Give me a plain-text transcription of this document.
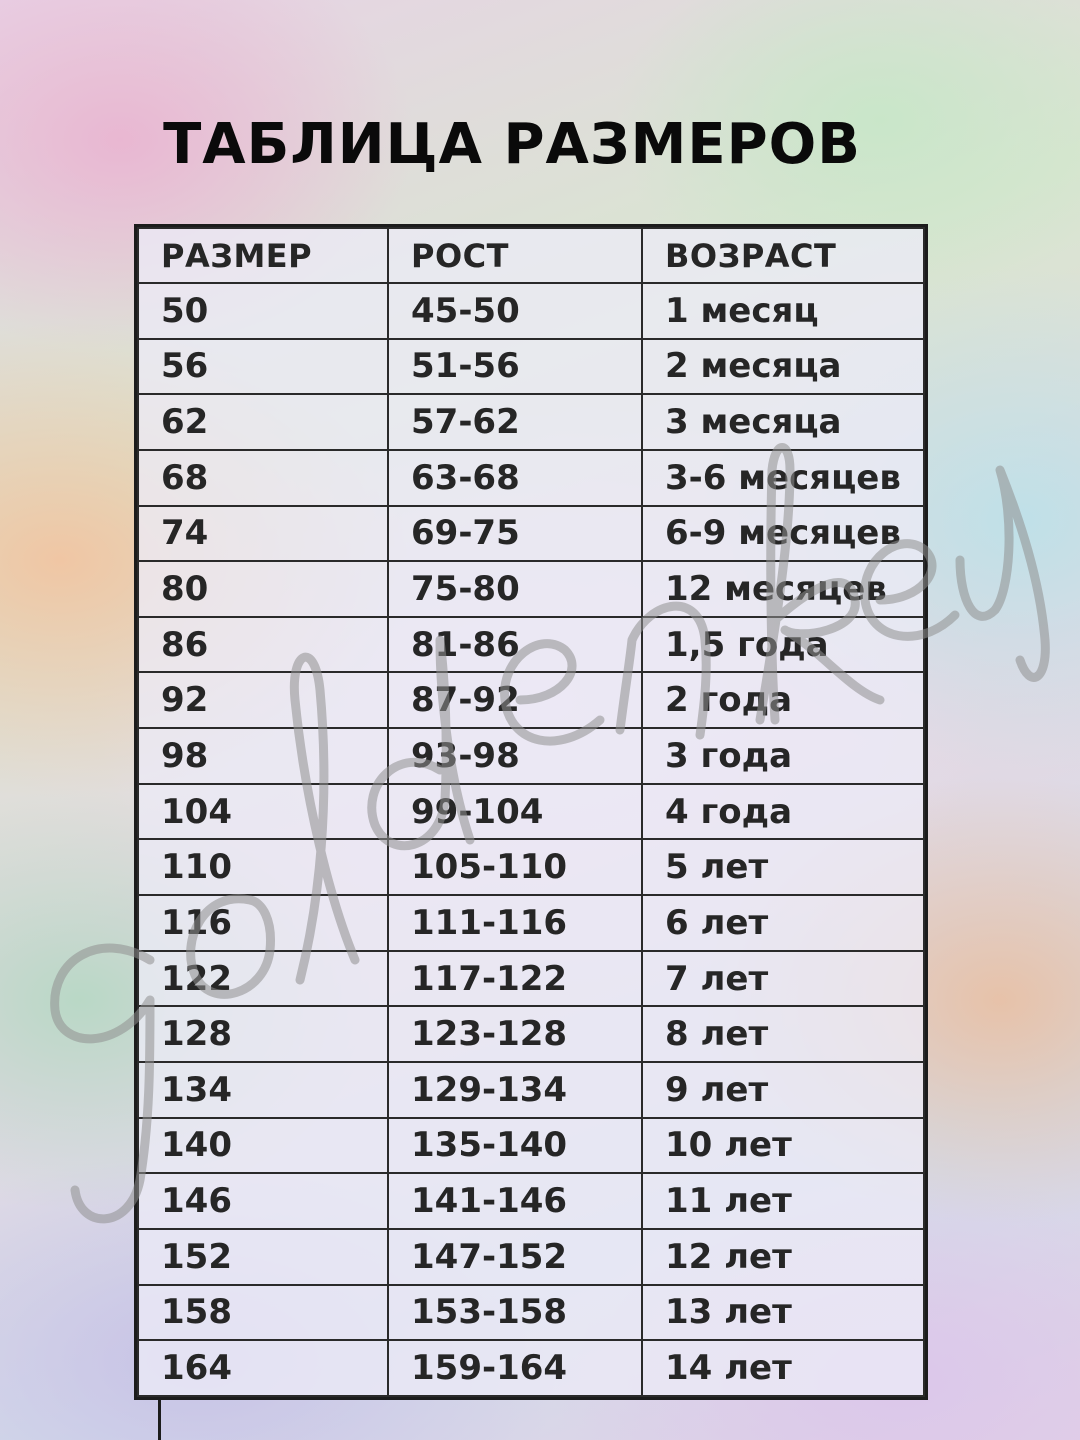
ТАБЛИЦА РАЗМЕРОВ
РАЗМЕР	РОСТ	ВОЗРАСТ
50	45-50	1 месяц
56	51-56	2 месяца
62	57-62	3 месяца
68	63-68	3-6 месяцев
74	69-75	6-9 месяцев
80	75-80	12 месяцев
86	81-86	1,5 года
92	87-92	2 года
98	93-98	3 года
104	99-104	4 года
110	105-110	5 лет
116	111-116	6 лет
122	117-122	7 лет
128	123-128	8 лет
134	129-134	9 лет
140	135-140	10 лет
146	141-146	11 лет
152	147-152	12 лет
158	153-158	13 лет
164	159-164	14 лет
